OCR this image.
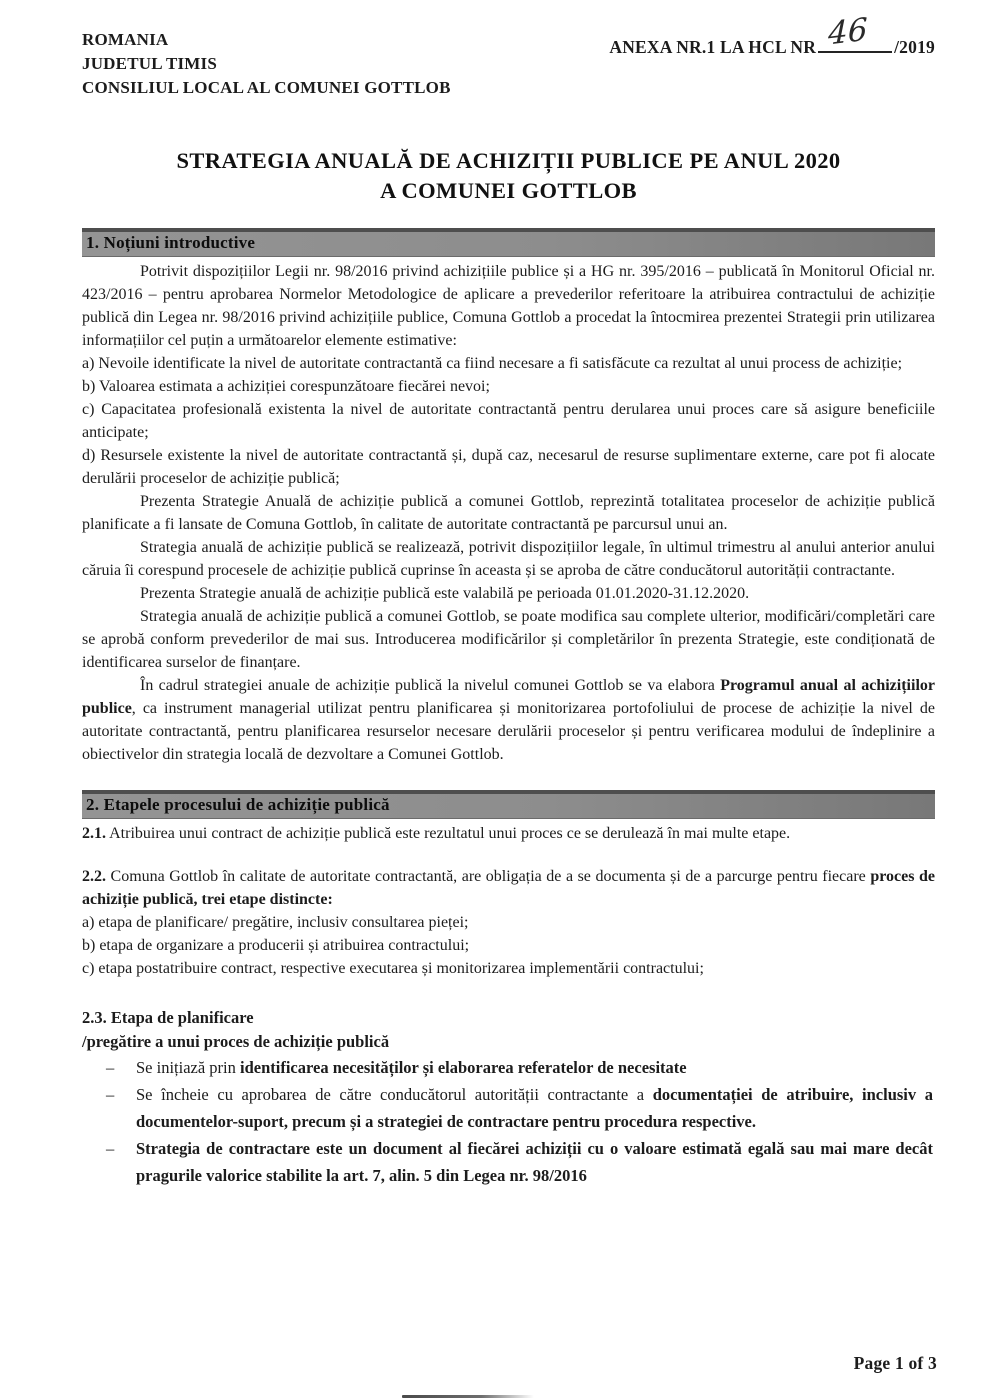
ROMANIA
JUDETUL TIMIS
CONSILIUL LOCAL AL COMUNEI GOTTLOB
ANEXA NR.1 LA HCL NR 46 /2019
STRATEGIA ANUALĂ DE ACHIZIȚII PUBLICE PE ANUL 2020
A COMUNEI GOTTLOB
1. Noțiuni introductive
Potrivit dispozițiilor Legii nr. 98/2016 privind achizițiile publice și a HG nr. 395/2016 – publicată în Monitorul Oficial nr. 423/2016 – pentru aprobarea Normelor Metodologice de aplicare a prevederilor referitoare la atribuirea contractului de achiziție publică din Legea nr. 98/2016 privind achizițiile publice, Comuna Gottlob a procedat la întocmirea prezentei Strategii prin utilizarea informațiilor cel puțin a următoarelor elemente estimative:
a) Nevoile identificate la nivel de autoritate contractantă ca fiind necesare a fi satisfăcute ca rezultat al unui process de achiziție;
b) Valoarea estimata a achiziției corespunzătoare fiecărei nevoi;
c) Capacitatea profesională existenta la nivel de autoritate contractantă pentru derularea unui proces care să asigure beneficiile anticipate;
d) Resursele existente la nivel de autoritate contractantă și, după caz, necesarul de resurse suplimentare externe, care pot fi alocate derulării proceselor de achiziție publică;
Prezenta Strategie Anuală de achiziție publică a comunei Gottlob, reprezintă totalitatea proceselor de achiziție publică planificate a fi lansate de Comuna Gottlob, în calitate de autoritate contractantă pe parcursul unui an.
Strategia anuală de achiziție publică se realizează, potrivit dispozițiilor legale, în ultimul trimestru al anului anterior anului căruia îi corespund procesele de achiziție publică cuprinse în aceasta și se aproba de către conducătorul autorității contractante.
Prezenta Strategie anuală de achiziție publică este valabilă pe perioada 01.01.2020-31.12.2020.
Strategia anuală de achiziție publică a comunei Gottlob, se poate modifica sau complete ulterior, modificări/completări care se aprobă conform prevederilor de mai sus. Introducerea modificărilor și completărilor în prezenta Strategie, este condiționată de identificarea surselor de finanțare.
În cadrul strategiei anuale de achiziție publică la nivelul comunei Gottlob se va elabora Programul anual al achizițiilor publice, ca instrument managerial utilizat pentru planificarea și monitorizarea portofoliului de procese de achiziție la nivel de autoritate contractantă, pentru planificarea resurselor necesare derulării proceselor și pentru verificarea modului de îndeplinire a obiectivelor din strategia locală de dezvoltare a Comunei Gottlob.
2. Etapele procesului de achiziție publică
2.1. Atribuirea unui contract de achiziție publică este rezultatul unui proces ce se derulează în mai multe etape.
2.2. Comuna Gottlob în calitate de autoritate contractantă, are obligația de a se documenta și de a parcurge pentru fiecare proces de achiziție publică, trei etape distincte:
a) etapa de planificare/ pregătire, inclusiv consultarea pieței;
b) etapa de organizare a producerii și atribuirea contractului;
c) etapa postatribuire contract, respective executarea și monitorizarea implementării contractului;
2.3. Etapa de planificare
/pregătire a unui proces de achiziție publică
–	Se inițiază prin identificarea necesităților și elaborarea referatelor de necesitate
–	Se încheie cu aprobarea de către conducătorul autorității contractante a documentației de atribuire, inclusiv a documentelor-suport, precum și a strategiei de contractare pentru procedura respective.
–	Strategia de contractare este un document al fiecărei achiziții cu o valoare estimată egală sau mai mare decât pragurile valorice stabilite la art. 7, alin. 5 din Legea nr. 98/2016
Page 1 of 3
